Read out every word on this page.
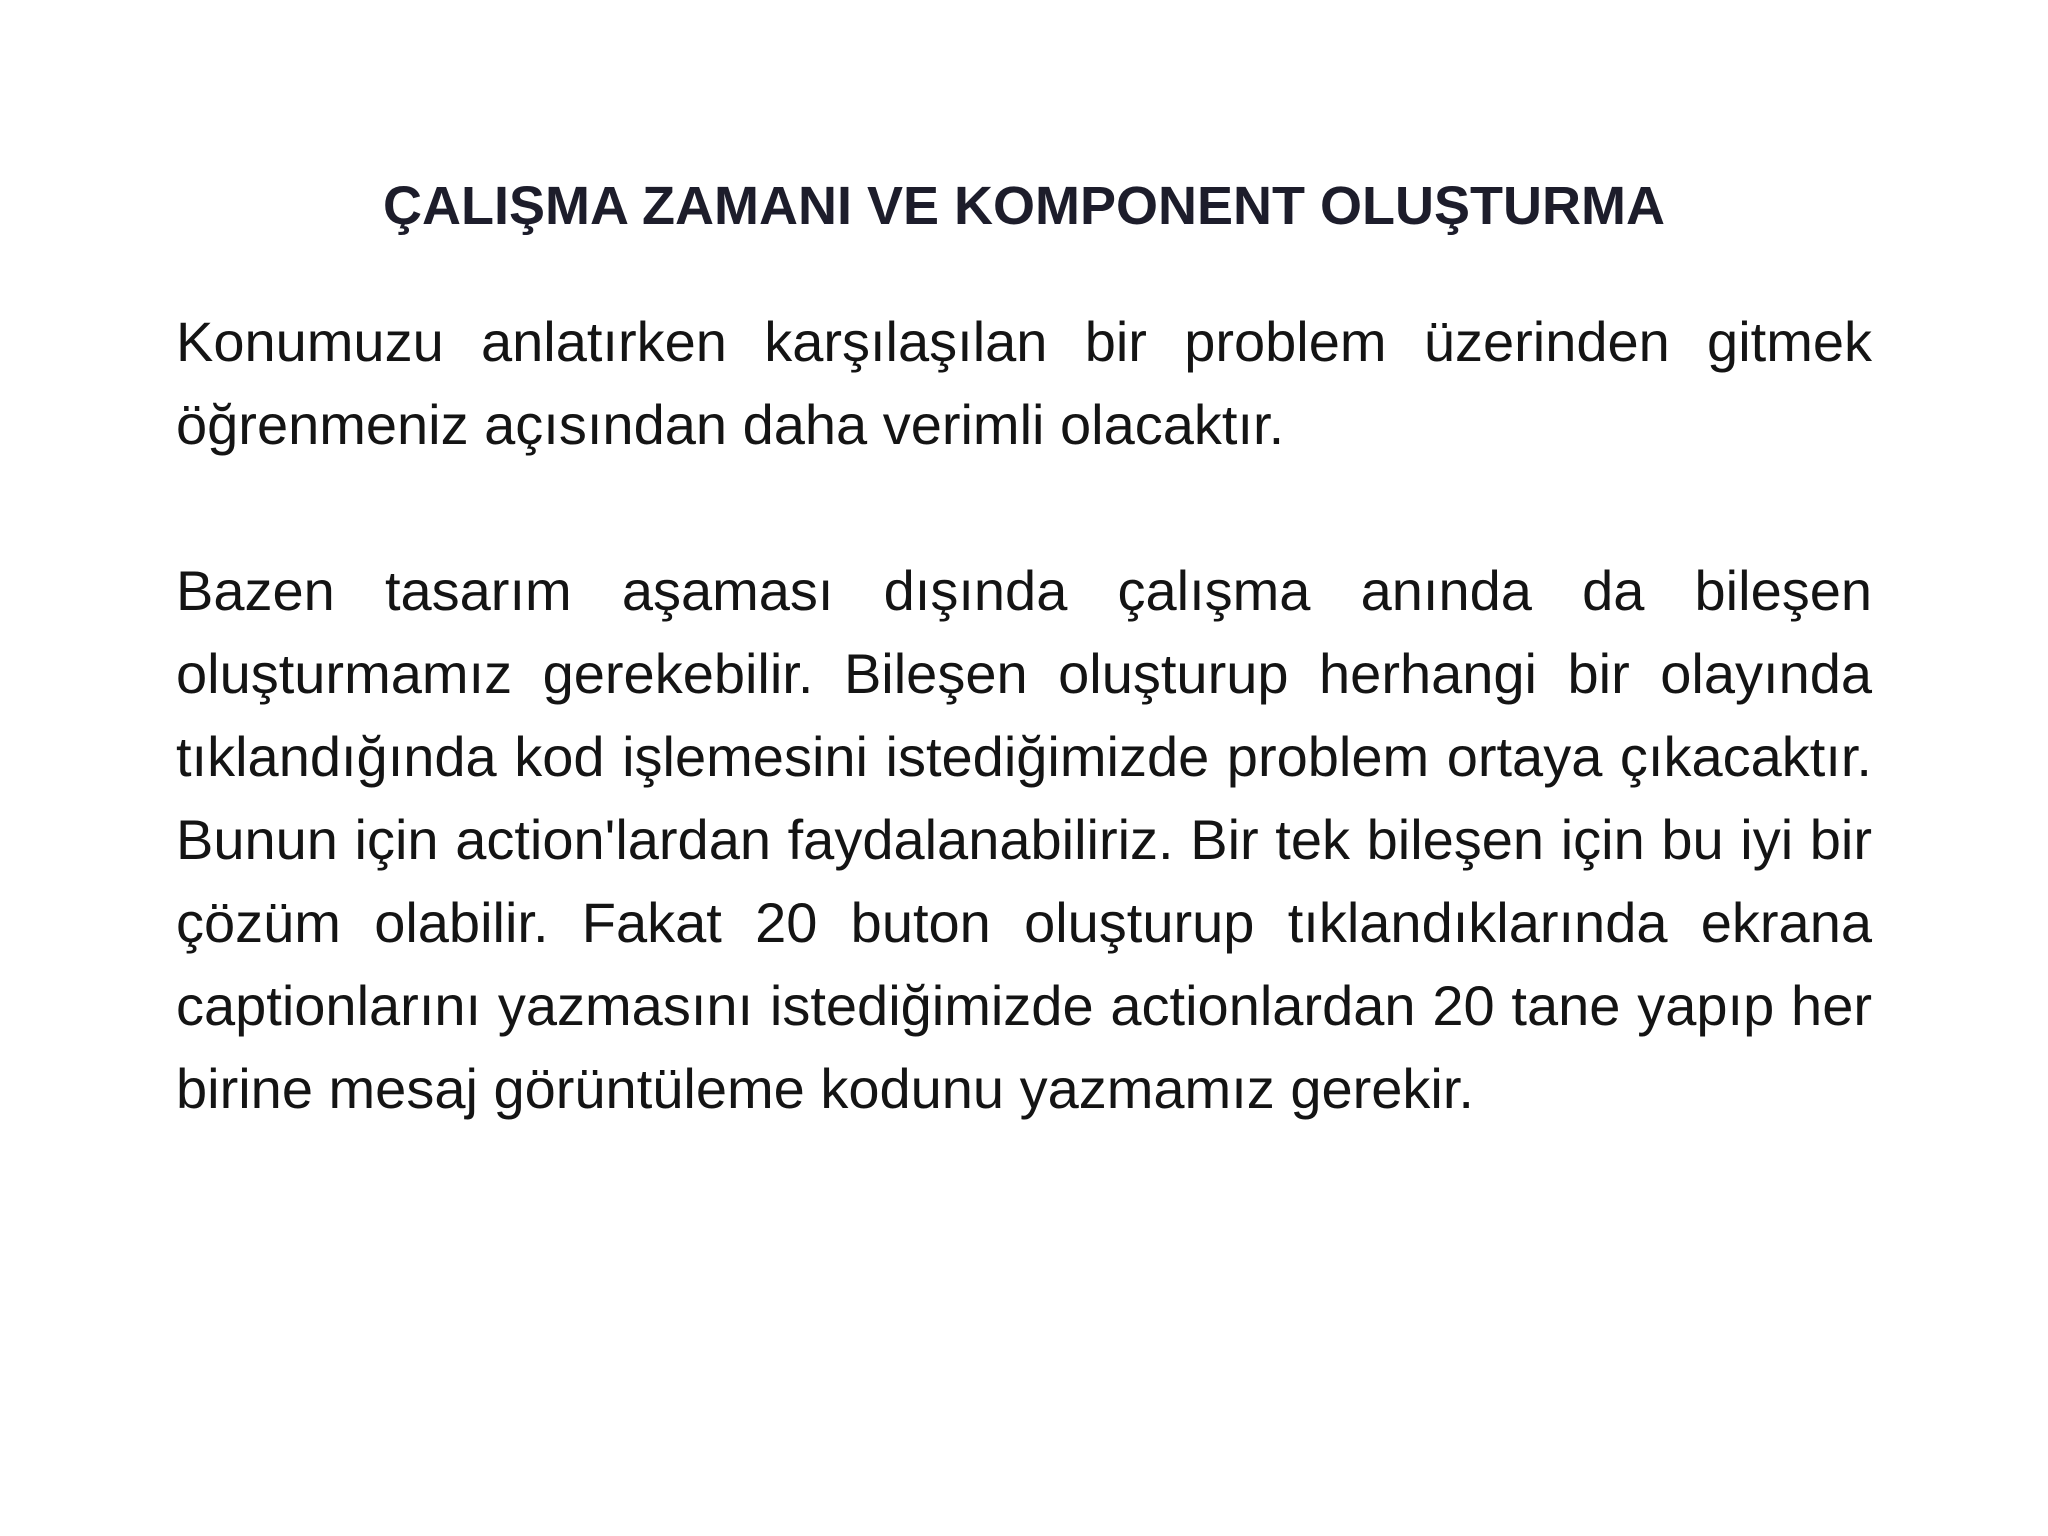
ÇALIŞMA ZAMANI VE KOMPONENT OLUŞTURMA

Konumuzu anlatırken karşılaşılan bir problem üzerinden gitmek öğrenmeniz açısından daha verimli olacaktır.

Bazen tasarım aşaması dışında çalışma anında da bileşen oluşturmamız gerekebilir. Bileşen oluşturup herhangi bir olayında tıklandığında kod işlemesini istediğimizde problem ortaya çıkacaktır. Bunun için action'lardan faydalanabiliriz. Bir tek bileşen için bu iyi bir çözüm olabilir. Fakat 20 buton oluşturup tıklandıklarında ekrana captionlarını yazmasını istediğimizde actionlardan 20 tane yapıp her birine mesaj görüntüleme kodunu yazmamız gerekir.
